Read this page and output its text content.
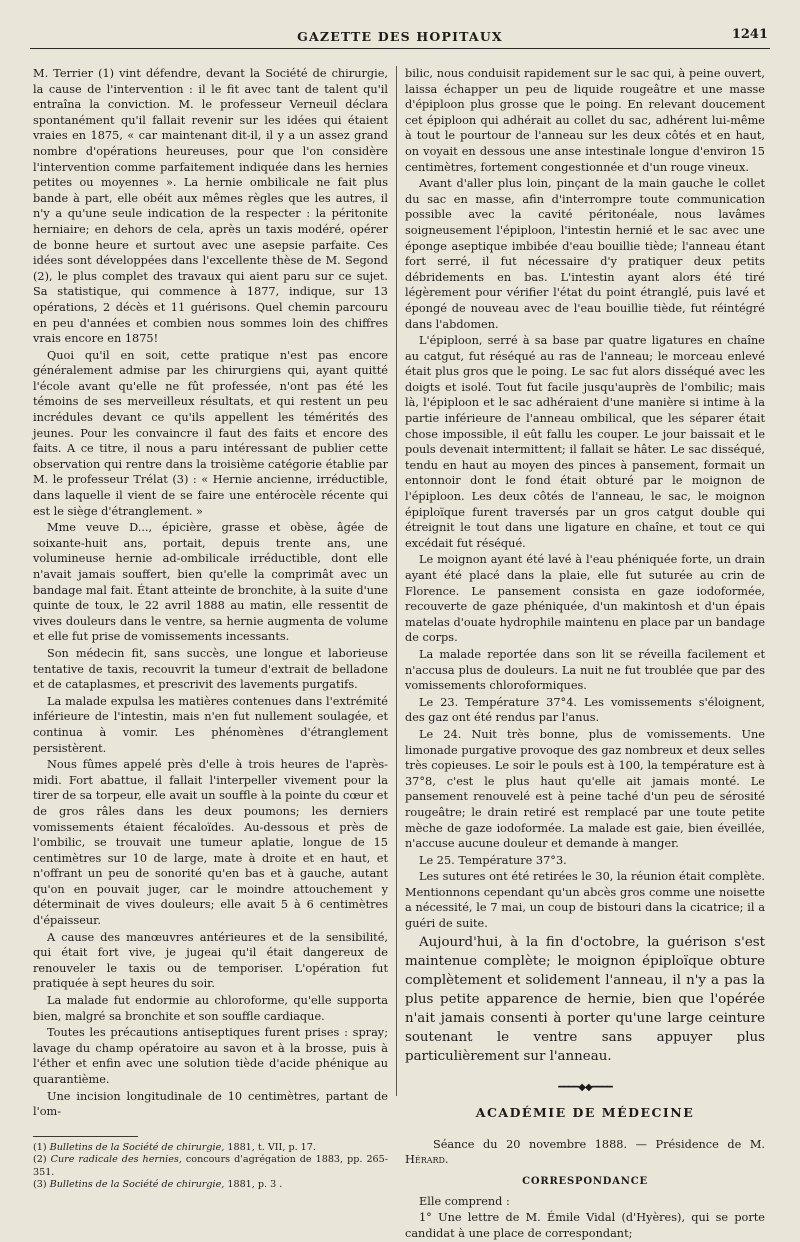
GAZETTE DES HOPITAUX	1241

M. Terrier (1) vint défendre, devant la Société de chirurgie, la cause de l'intervention : il le fit avec tant de talent qu'il entraîna la conviction. M. le professeur Verneuil déclara spontanément qu'il fallait revenir sur les idées qui étaient vraies en 1875, « car maintenant dit-il, il y a un assez grand nombre d'opérations heureuses, pour que l'on considère l'intervention comme parfaitement indiquée dans les hernies petites ou moyennes ». La hernie ombilicale ne fait plus bande à part, elle obéit aux mêmes règles que les autres, il n'y a qu'une seule indication de la respecter : la péritonite herniaire; en dehors de cela, après un taxis modéré, opérer de bonne heure et surtout avec une asepsie parfaite. Ces idées sont développées dans l'excellente thèse de M. Segond (2), le plus complet des travaux qui aient paru sur ce sujet. Sa statistique, qui commence à 1877, indique, sur 13 opérations, 2 décès et 11 guérisons. Quel chemin parcouru en peu d'années et combien nous sommes loin des chiffres vrais encore en 1875!

Quoi qu'il en soit, cette pratique n'est pas encore généralement admise par les chirurgiens qui, ayant quitté l'école avant qu'elle ne fût professée, n'ont pas été les témoins de ses merveilleux résultats, et qui restent un peu incrédules devant ce qu'ils appellent les témérités des jeunes. Pour les convaincre il faut des faits et encore des faits. A ce titre, il nous a paru intéressant de publier cette observation qui rentre dans la troisième catégorie établie par M. le professeur Trélat (3) : « Hernie ancienne, irréductible, dans laquelle il vient de se faire une entérocèle récente qui est le siège d'étranglement. »

Mme veuve D..., épicière, grasse et obèse, âgée de soixante-huit ans, portait, depuis trente ans, une volumineuse hernie ad-ombilicale irréductible, dont elle n'avait jamais souffert, bien qu'elle la comprimât avec un bandage mal fait. Étant atteinte de bronchite, à la suite d'une quinte de toux, le 22 avril 1888 au matin, elle ressentit de vives douleurs dans le ventre, sa hernie augmenta de volume et elle fut prise de vomissements incessants.

Son médecin fit, sans succès, une longue et laborieuse tentative de taxis, recouvrit la tumeur d'extrait de belladone et de cataplasmes, et prescrivit des lavements purgatifs.

La malade expulsa les matières contenues dans l'extrémité inférieure de l'intestin, mais n'en fut nullement soulagée, et continua à vomir. Les phénomènes d'étranglement persistèrent.

Nous fûmes appelé près d'elle à trois heures de l'après-midi. Fort abattue, il fallait l'interpeller vivement pour la tirer de sa torpeur, elle avait un souffle à la pointe du cœur et de gros râles dans les deux poumons; les derniers vomissements étaient fécaloïdes. Au-dessous et près de l'ombilic, se trouvait une tumeur aplatie, longue de 15 centimètres sur 10 de large, mate à droite et en haut, et n'offrant un peu de sonorité qu'en bas et à gauche, autant qu'on en pouvait juger, car le moindre attouchement y déterminait de vives douleurs; elle avait 5 à 6 centimètres d'épaisseur.

A cause des manœuvres antérieures et de la sensibilité, qui était fort vive, je jugeai qu'il était dangereux de renouveler le taxis ou de temporiser. L'opération fut pratiquée à sept heures du soir.

La malade fut endormie au chloroforme, qu'elle supporta bien, malgré sa bronchite et son souffle cardiaque.

Toutes les précautions antiseptiques furent prises : spray; lavage du champ opératoire au savon et à la brosse, puis à l'éther et enfin avec une solution tiède d'acide phénique au quarantième.

Une incision longitudinale de 10 centimètres, partant de l'om-

(1) Bulletins de la Société de chirurgie, 1881, t. VII, p. 17.
(2) Cure radicale des hernies, concours d'agrégation de 1883, pp. 265-351.
(3) Bulletins de la Société de chirurgie, 1881, p. 3 .

bilic, nous conduisit rapidement sur le sac qui, à peine ouvert, laissa échapper un peu de liquide rougeâtre et une masse d'épiploon plus grosse que le poing. En relevant doucement cet épiploon qui adhérait au collet du sac, adhérent lui-même à tout le pourtour de l'anneau sur les deux côtés et en haut, on voyait en dessous une anse intestinale longue d'environ 15 centimètres, fortement congestionnée et d'un rouge vineux.

Avant d'aller plus loin, pinçant de la main gauche le collet du sac en masse, afin d'interrompre toute communication possible avec la cavité péritonéale, nous lavâmes soigneusement l'épiploon, l'intestin hernié et le sac avec une éponge aseptique imbibée d'eau bouillie tiède; l'anneau étant fort serré, il fut nécessaire d'y pratiquer deux petits débridements en bas. L'intestin ayant alors été tiré légèrement pour vérifier l'état du point étranglé, puis lavé et épongé de nouveau avec de l'eau bouillie tiède, fut réintégré dans l'abdomen.

L'épiploon, serré à sa base par quatre ligatures en chaîne au catgut, fut réséqué au ras de l'anneau; le morceau enlevé était plus gros que le poing. Le sac fut alors disséqué avec les doigts et isolé. Tout fut facile jusqu'auprès de l'ombilic; mais là, l'épiploon et le sac adhéraient d'une manière si intime à la partie inférieure de l'anneau ombilical, que les séparer était chose impossible, il eût fallu les couper. Le jour baissait et le pouls devenait intermittent; il fallait se hâter. Le sac disséqué, tendu en haut au moyen des pinces à pansement, formait un entonnoir dont le fond était obturé par le moignon de l'épiploon. Les deux côtés de l'anneau, le sac, le moignon épiploïque furent traversés par un gros catgut double qui étreignit le tout dans une ligature en chaîne, et tout ce qui excédait fut réséqué.

Le moignon ayant été lavé à l'eau phéniquée forte, un drain ayant été placé dans la plaie, elle fut suturée au crin de Florence. Le pansement consista en gaze iodoformée, recouverte de gaze phéniquée, d'un makintosh et d'un épais matelas d'ouate hydrophile maintenu en place par un bandage de corps.

La malade reportée dans son lit se réveilla facilement et n'accusa plus de douleurs. La nuit ne fut troublée que par des vomissements chloroformiques.

Le 23. Température 37°4. Les vomissements s'éloignent, des gaz ont été rendus par l'anus.

Le 24. Nuit très bonne, plus de vomissements. Une limonade purgative provoque des gaz nombreux et deux selles très copieuses. Le soir le pouls est à 100, la température est à 37°8, c'est le plus haut qu'elle ait jamais monté. Le pansement renouvelé est à peine taché d'un peu de sérosité rougeâtre; le drain retiré est remplacé par une toute petite mèche de gaze iodoformée. La malade est gaie, bien éveillée, n'accuse aucune douleur et demande à manger.

Le 25. Température 37°3.

Les sutures ont été retirées le 30, la réunion était complète. Mentionnons cependant qu'un abcès gros comme une noisette a nécessité, le 7 mai, un coup de bistouri dans la cicatrice; il a guéri de suite.

Aujourd'hui, à la fin d'octobre, la guérison s'est maintenue complète; le moignon épiploïque obture complètement et solidement l'anneau, il n'y a pas la plus petite apparence de hernie, bien que l'opérée n'ait jamais consenti à porter qu'une large ceinture soutenant le ventre sans appuyer plus particulièrement sur l'anneau.

━━━━◆◆━━━━
ACADÉMIE DE MÉDECINE

Séance du 20 novembre 1888. — Présidence de M. Hérard.

CORRESPONDANCE

Elle comprend :

1° Une lettre de M. Émile Vidal (d'Hyères), qui se porte candidat à une place de correspondant;
